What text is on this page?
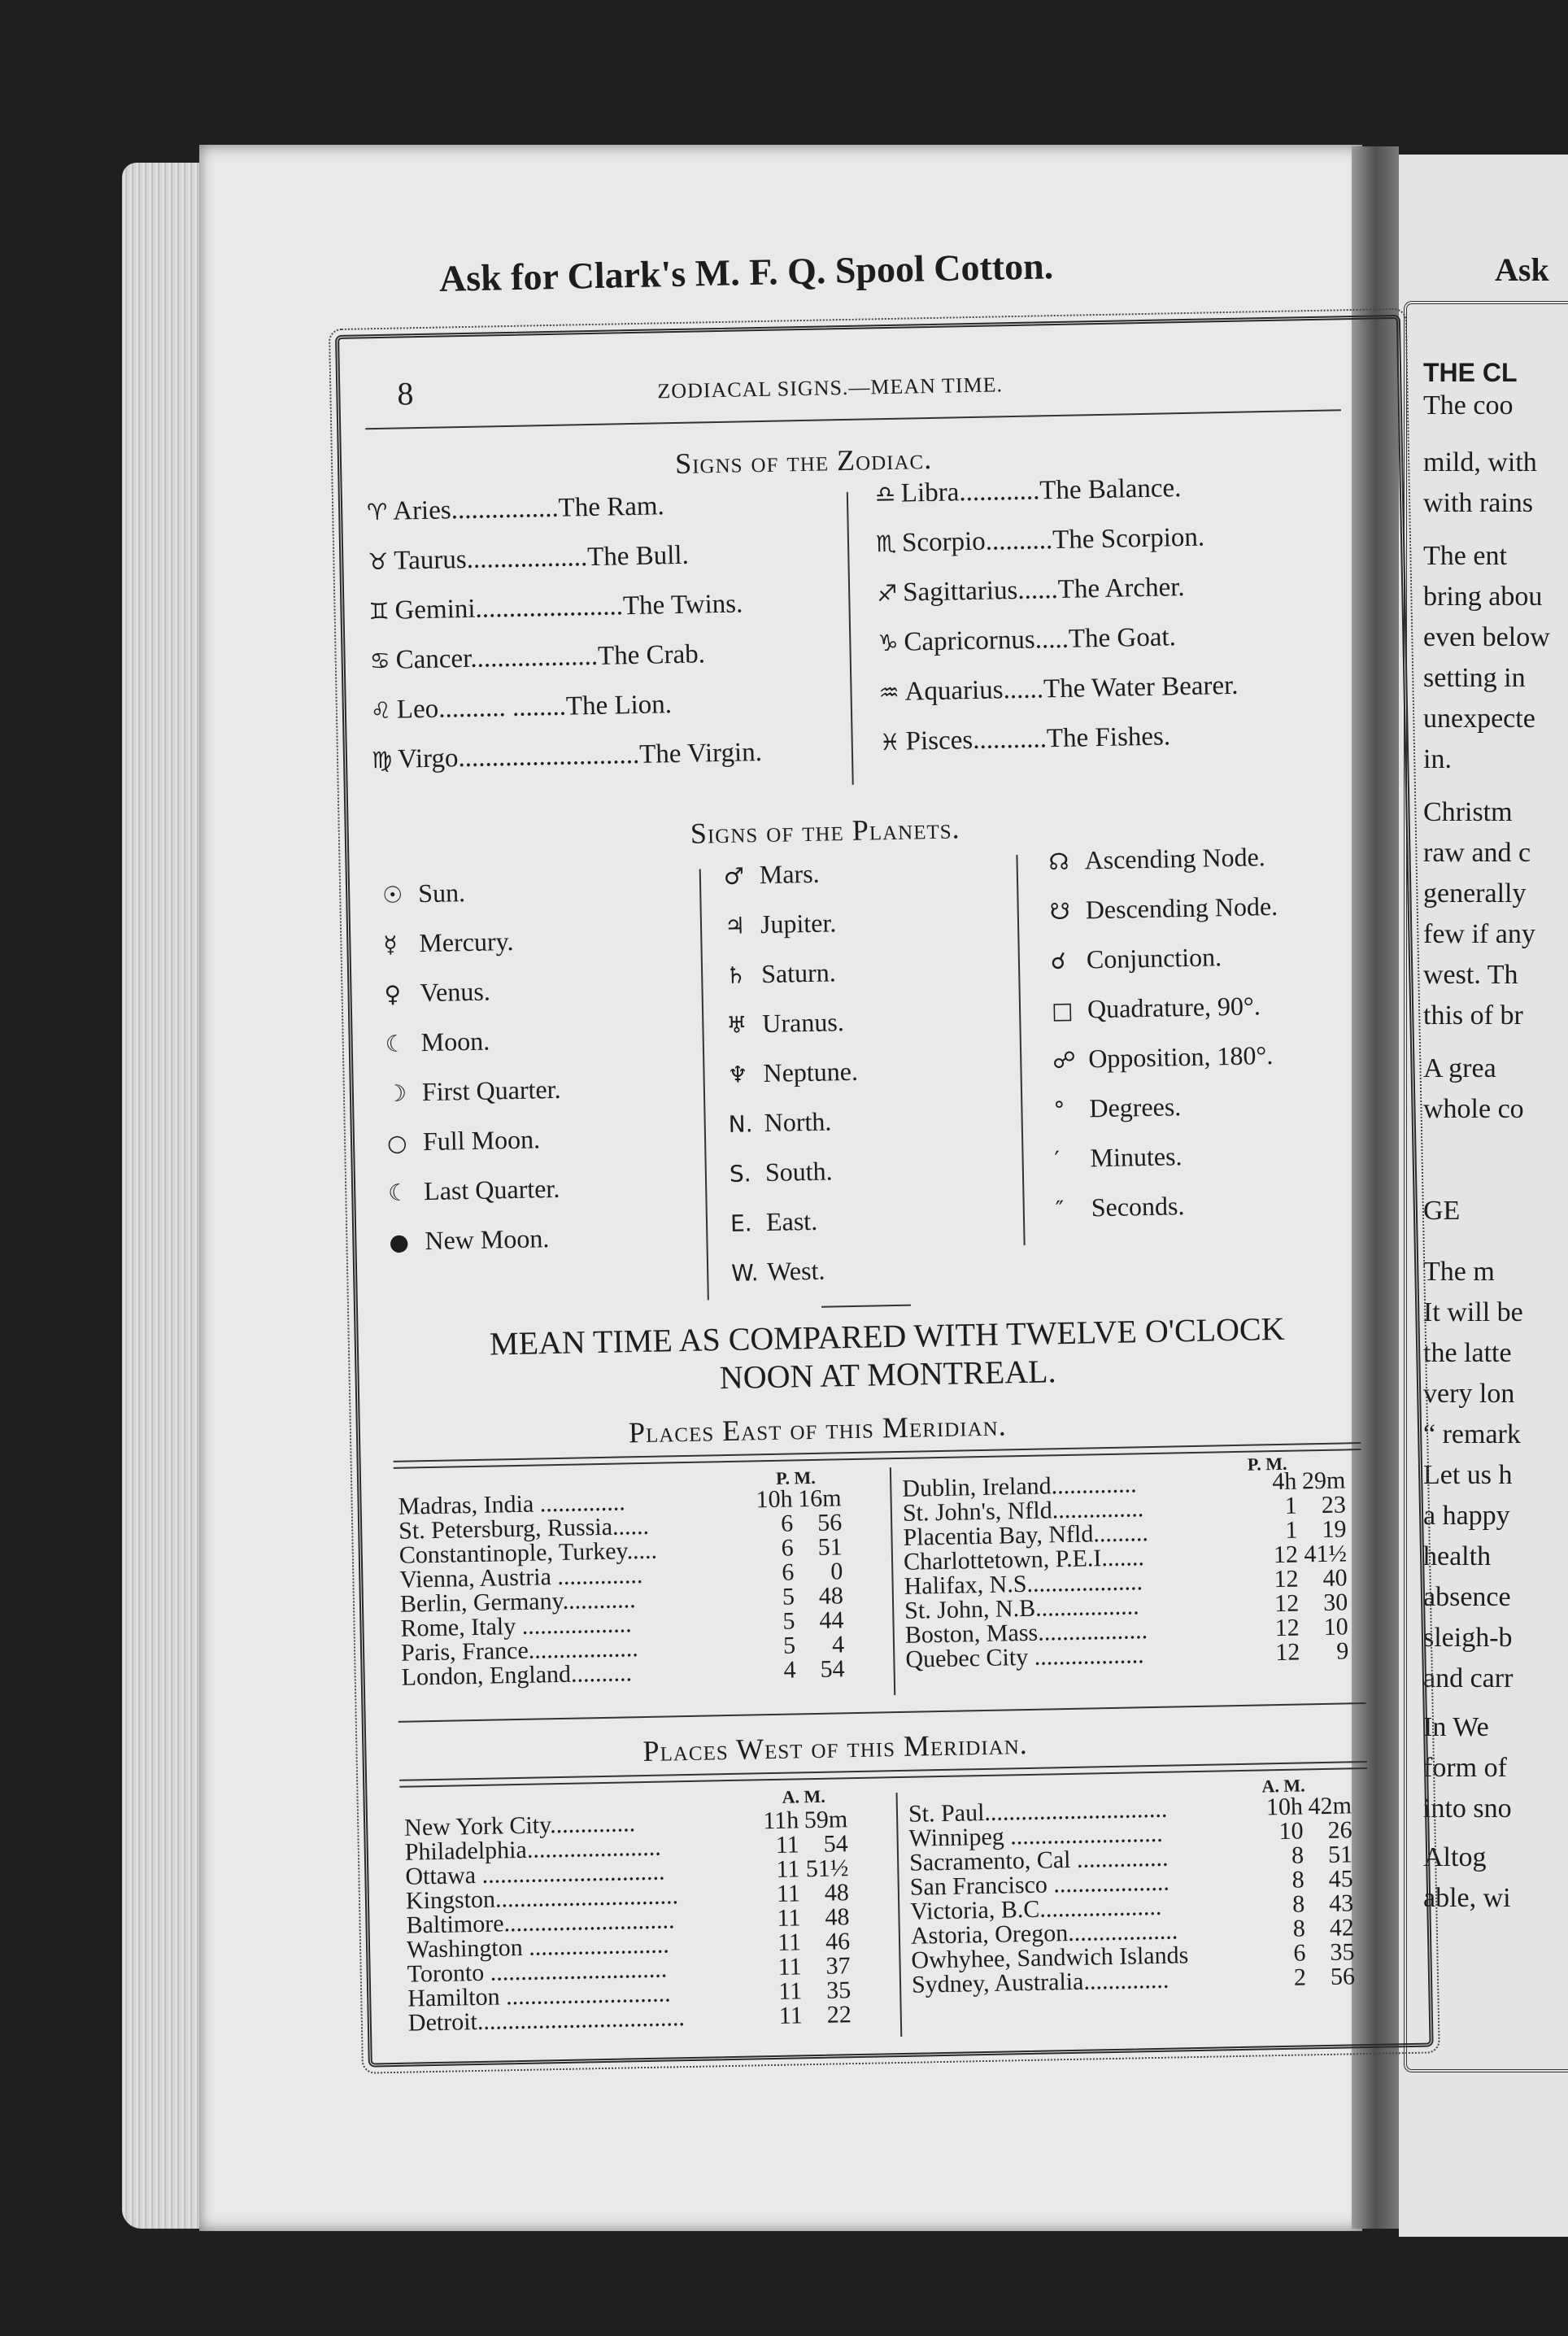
Ask
The coo
mild, with
with rains
The ent
bring abou
even below
setting in
unexpecte
in.
Christm
raw and c
generally
few if any
west. Th
this of br
A grea
whole co
GE
The m
It will be
the latte
very lon
“ remark
Let us h
a happy
health
absence
sleigh-b
and carr
In We
form of
into sno
Altog
able, wi
THE CL
Ask for Clark's M. F. Q. Spool Cotton.
8	ZODIACAL SIGNS.—MEAN TIME.
Signs of the Zodiac.
♈ Aries................The Ram.
♉ Taurus..................The Bull.
♊ Gemini......................The Twins.
♋ Cancer...................The Crab.
♌ Leo.......... ........The Lion.
♍ Virgo...........................The Virgin.
♎ Libra............The Balance.
♏ Scorpio..........The Scorpion.
♐ Sagittarius......The Archer.
♑ Capricornus.....The Goat.
♒ Aquarius......The Water Bearer.
♓ Pisces...........The Fishes.
Signs of the Planets.
☉ Sun.
☿ Mercury.
♀ Venus.
☾ Moon.
☽ First Quarter.
○ Full Moon.
☾ Last Quarter.
● New Moon.
♂ Mars.
♃ Jupiter.
♄ Saturn.
♅ Uranus.
♆ Neptune.
N. North.
S. South.
E. East.
W. West.
☊ Ascending Node.
☋ Descending Node.
☌ Conjunction.
□ Quadrature, 90°.
☍ Opposition, 180°.
° Degrees.
′ Minutes.
″ Seconds.
MEAN TIME AS COMPARED WITH TWELVE O'CLOCK
NOON AT MONTREAL.
Places East of this Meridian.
P. M.
P. M.
Madras, India ..............	10h 16m
St. Petersburg, Russia......	6 56
Constantinople, Turkey.....	6 51
Vienna, Austria ..............	6	0
Berlin, Germany............	5 48
Rome, Italy ..................	5 44
Paris, France..................	5	4
London, England..........	4 54
Dublin, Ireland..............	4h 29m
St. John's, Nfld...............	1 23
Placentia Bay, Nfld.........	1 19
Charlottetown, P.E.I.......	12 41½
Halifax, N.S...................	12 40
St. John, N.B.................	12 30
Boston, Mass..................	12 10
Quebec City ..................	12	9
Places West of this Meridian.
A. M.
A. M.
New York City..............	11h 59m
Philadelphia......................	11 54
Ottawa ..............................	11 51½
Kingston..............................	11 48
Baltimore............................	11 48
Washington .......................	11 46
Toronto .............................	11 37
Hamilton ...........................	11 35
Detroit..................................	11 22
St. Paul..............................	10h 42m
Winnipeg .........................	10 26
Sacramento, Cal ...............	8 51
San Francisco ...................	8 45
Victoria, B.C....................	8 43
Astoria, Oregon..................	8 42
Owhyhee, Sandwich Islands	6 35
Sydney, Australia..............	2 56
